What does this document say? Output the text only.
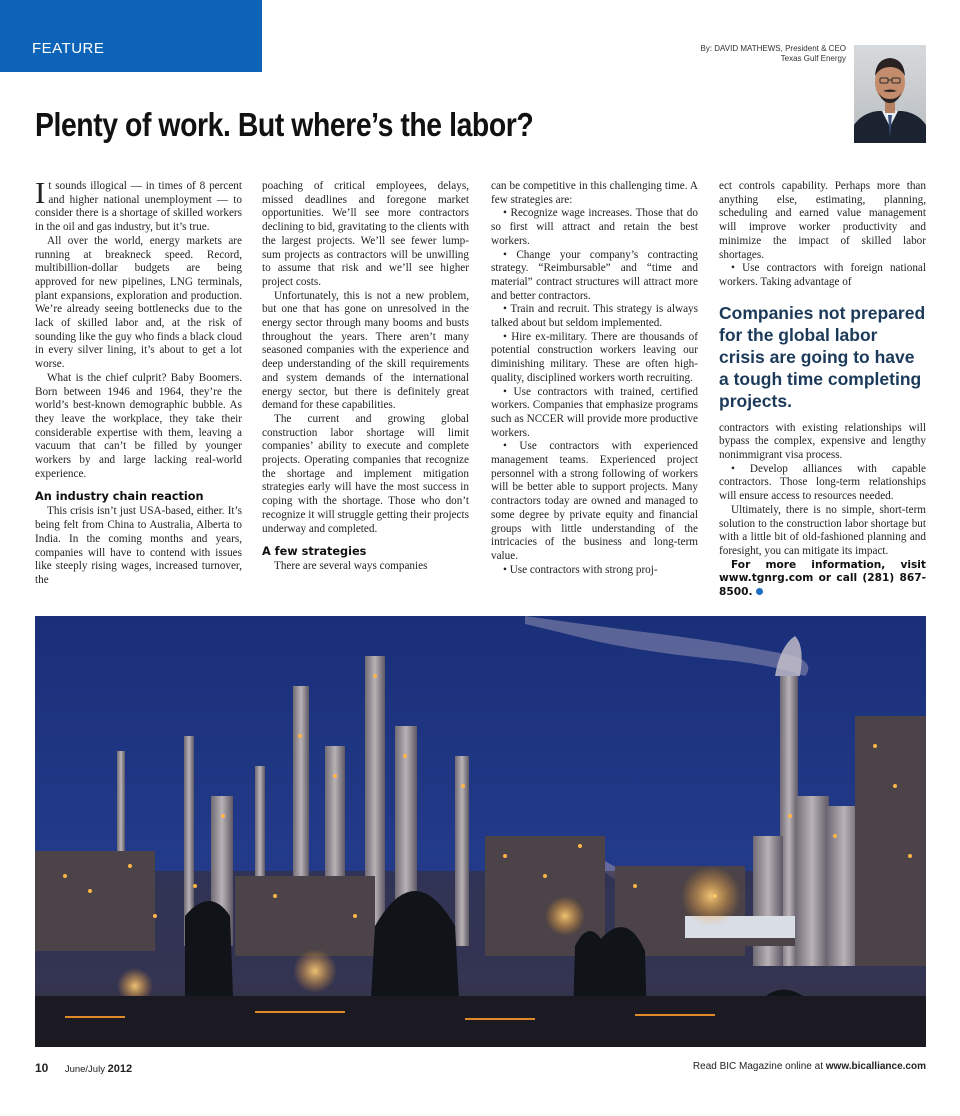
FEATURE	By: DAVID MATHEWS, President & CEO
Texas Gulf Energy
Plenty of work. But where’s the labor?

It sounds illogical — in times of 8 percent and higher national unemployment — to consider there is a shortage of skilled workers in the oil and gas industry, but it’s true.

All over the world, energy markets are running at breakneck speed. Record, multibillion-dollar budgets are being approved for new pipelines, LNG terminals, plant expansions, exploration and production. We’re already seeing bottlenecks due to the lack of skilled labor and, at the risk of sounding like the guy who finds a black cloud in every silver lining, it’s about to get a lot worse.

What is the chief culprit? Baby Boomers. Born between 1946 and 1964, they’re the world’s best-known demographic bubble. As they leave the workplace, they take their considerable expertise with them, leaving a vacuum that can’t be filled by younger workers by and large lacking real-world experience.

An industry chain reaction

This crisis isn’t just USA-based, either. It’s being felt from China to Australia, Alberta to India. In the coming months and years, companies will have to contend with issues like steeply rising wages, increased turnover, the

poaching of critical employees, delays, missed deadlines and foregone market opportunities. We’ll see more contractors declining to bid, gravitating to the clients with the largest projects. We’ll see fewer lump-sum projects as contractors will be unwilling to assume that risk and we’ll see higher project costs.

Unfortunately, this is not a new problem, but one that has gone on unresolved in the energy sector through many booms and busts throughout the years. There aren’t many seasoned companies with the experience and deep understanding of the skill requirements and system demands of the international energy sector, but there is definitely great demand for these capabilities.

The current and growing global construction labor shortage will limit companies’ ability to execute and complete projects. Operating companies that recognize the shortage and implement mitigation strategies early will have the most success in coping with the shortage. Those who don’t recognize it will struggle getting their projects underway and completed.

A few strategies

There are several ways companies

can be competitive in this challenging time. A few strategies are:

• Recognize wage increases. Those that do so first will attract and retain the best workers.

• Change your company’s contracting strategy. “Reimbursable” and “time and material” contract structures will attract more and better contractors.

• Train and recruit. This strategy is always talked about but seldom implemented.

• Hire ex-military. There are thousands of potential construction workers leaving our diminishing military. These are often high-quality, disciplined workers worth recruiting.

• Use contractors with trained, certified workers. Companies that emphasize programs such as NCCER will provide more productive workers.

• Use contractors with experienced management teams. Experienced project personnel with a strong following of workers will be better able to support projects. Many contractors today are owned and managed to some degree by private equity and financial groups with little understanding of the intricacies of the business and long-term value.

• Use contractors with strong proj-

ect controls capability. Perhaps more than anything else, estimating, planning, scheduling and earned value management will improve worker productivity and minimize the impact of skilled labor shortages.

• Use contractors with foreign national workers. Taking advantage of

Companies not prepared for the global labor crisis are going to have a tough time completing projects.

contractors with existing relationships will bypass the complex, expensive and lengthy nonimmigrant visa process.

• Develop alliances with capable contractors. Those long-term relationships will ensure access to resources needed.

Ultimately, there is no simple, short-term solution to the construction labor shortage but with a little bit of old-fashioned planning and foresight, you can mitigate its impact.

For more information, visit www.tgnrg.com or call (281) 867-8500.

10 June/July 2012	Read BIC Magazine online at www.bicalliance.com
